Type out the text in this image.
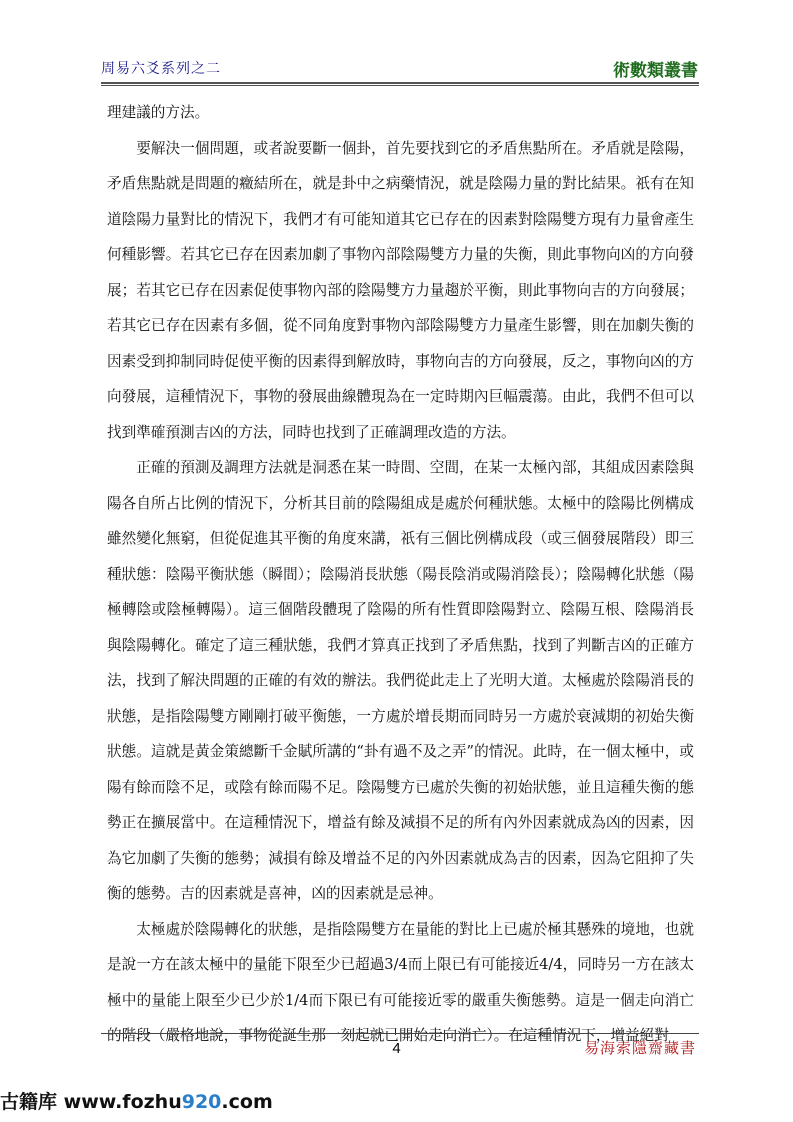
周易六爻系列之二	術數類叢書

理建議的方法。

要解決一個問題，或者說要斷一個卦，首先要找到它的矛盾焦點所在。矛盾就是陰陽，矛盾焦點就是問題的癥結所在，就是卦中之病藥情況，就是陰陽力量的對比結果。祇有在知道陰陽力量對比的情況下，我們才有可能知道其它已存在的因素對陰陽雙方現有力量會產生何種影響。若其它已存在因素加劇了事物內部陰陽雙方力量的失衡，則此事物向凶的方向發展；若其它已存在因素促使事物內部的陰陽雙方力量趨於平衡，則此事物向吉的方向發展；若其它已存在因素有多個，從不同角度對事物內部陰陽雙方力量產生影響，則在加劇失衡的因素受到抑制同時促使平衡的因素得到解放時，事物向吉的方向發展，反之，事物向凶的方向發展，這種情況下，事物的發展曲線體現為在一定時期內巨幅震蕩。由此，我們不但可以找到準確預測吉凶的方法，同時也找到了正確調理改造的方法。

正確的預測及調理方法就是洞悉在某一時間、空間，在某一太極內部，其組成因素陰與陽各自所占比例的情況下，分析其目前的陰陽組成是處於何種狀態。太極中的陰陽比例構成雖然變化無窮，但從促進其平衡的角度來講，祇有三個比例構成段（或三個發展階段）即三種狀態：陰陽平衡狀態（瞬間）；陰陽消長狀態（陽長陰消或陽消陰長）；陰陽轉化狀態（陽極轉陰或陰極轉陽）。這三個階段體現了陰陽的所有性質即陰陽對立、陰陽互根、陰陽消長與陰陽轉化。確定了這三種狀態，我們才算真正找到了矛盾焦點，找到了判斷吉凶的正確方法，找到了解決問題的正確的有效的辦法。我們從此走上了光明大道。太極處於陰陽消長的狀態，是指陰陽雙方剛剛打破平衡態，一方處於增長期而同時另一方處於衰減期的初始失衡狀態。這就是黃金策總斷千金賦所講的“卦有過不及之弄”的情況。此時，在一個太極中，或陽有餘而陰不足，或陰有餘而陽不足。陰陽雙方已處於失衡的初始狀態，並且這種失衡的態勢正在擴展當中。在這種情況下，增益有餘及減損不足的所有內外因素就成為凶的因素，因為它加劇了失衡的態勢；減損有餘及增益不足的內外因素就成為吉的因素，因為它阻抑了失衡的態勢。吉的因素就是喜神，凶的因素就是忌神。

太極處於陰陽轉化的狀態，是指陰陽雙方在量能的對比上已處於極其懸殊的境地，也就是說一方在該太極中的量能下限至少已超過3/4而上限已有可能接近4/4，同時另一方在該太極中的量能上限至少已少於1/4而下限已有可能接近零的嚴重失衡態勢。這是一個走向消亡的階段（嚴格地說，事物從誕生那一刻起就已開始走向消亡）。在這種情況下，增益絕對

4	易海索隱齋藏書
古籍库 www.fozhu920.com
